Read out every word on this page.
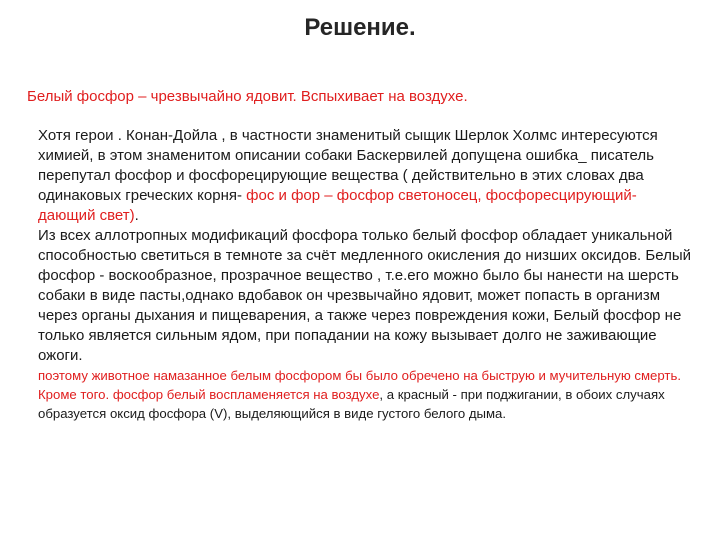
Решение.
Белый фосфор – чрезвычайно ядовит. Вспыхивает на воздухе.

Хотя герои . Конан-Дойла , в частности знаменитый сыщик Шерлок Холмс интересуются химией, в этом знаменитом описании собаки Баскервилей допущена ошибка_ писатель перепутал фосфор и фосфорецирующие вещества ( действительно в этих словах два одинаковых греческих корня- фос и фор – фосфор светоносец, фосфоресцирующий- дающий свет).

Из всех аллотропных модификаций фосфора только белый фосфор обладает уникальной способностью светиться в темноте за счёт медленного окисления до низших оксидов. Белый фосфор - воскообразное, прозрачное вещество , т.е.его можно было бы нанести на шерсть собаки в виде пасты,однако вдобавок он чрезвычайно ядовит, может попасть в организм через органы дыхания и пищеварения, а также через повреждения кожи, Белый фосфор не только является сильным ядом, при попадании на кожу вызывает долго не заживающие ожоги.

поэтому животное намазанное белым фосфором бы было обречено на быструю и мучительную смерть. Кроме того. фосфор белый воспламеняется на воздухе, а красный - при поджигании, в обоих случаях образуется оксид фосфора (V), выделяющийся в виде густого белого дыма.
